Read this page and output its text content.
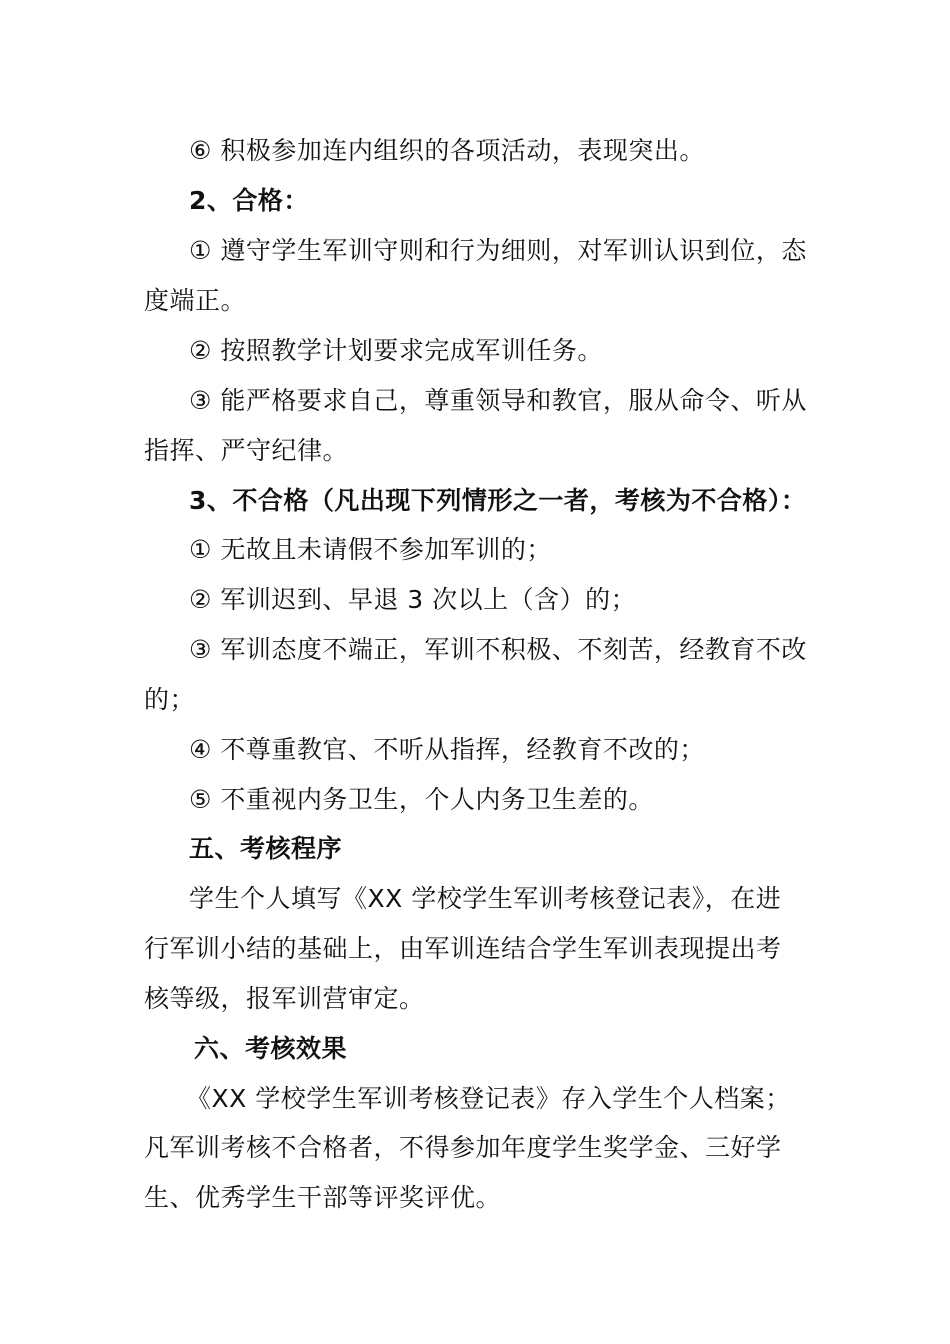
⑥ 积极参加连内组织的各项活动，表现突出。
2、合格：
① 遵守学生军训守则和行为细则，对军训认识到位，态
度端正。
② 按照教学计划要求完成军训任务。
③ 能严格要求自己，尊重领导和教官，服从命令、听从
指挥、严守纪律。
3、不合格（凡出现下列情形之一者，考核为不合格）：
① 无故且未请假不参加军训的；
② 军训迟到、早退 3 次以上（含）的；
③ 军训态度不端正，军训不积极、不刻苦，经教育不改
的；
④ 不尊重教官、不听从指挥，经教育不改的；
⑤ 不重视内务卫生，个人内务卫生差的。
五、考核程序
学生个人填写《XX 学校学生军训考核登记表》，在进
行军训小结的基础上，由军训连结合学生军训表现提出考
核等级，报军训营审定。
六、考核效果
《XX 学校学生军训考核登记表》存入学生个人档案；
凡军训考核不合格者，不得参加年度学生奖学金、三好学
生、优秀学生干部等评奖评优。
